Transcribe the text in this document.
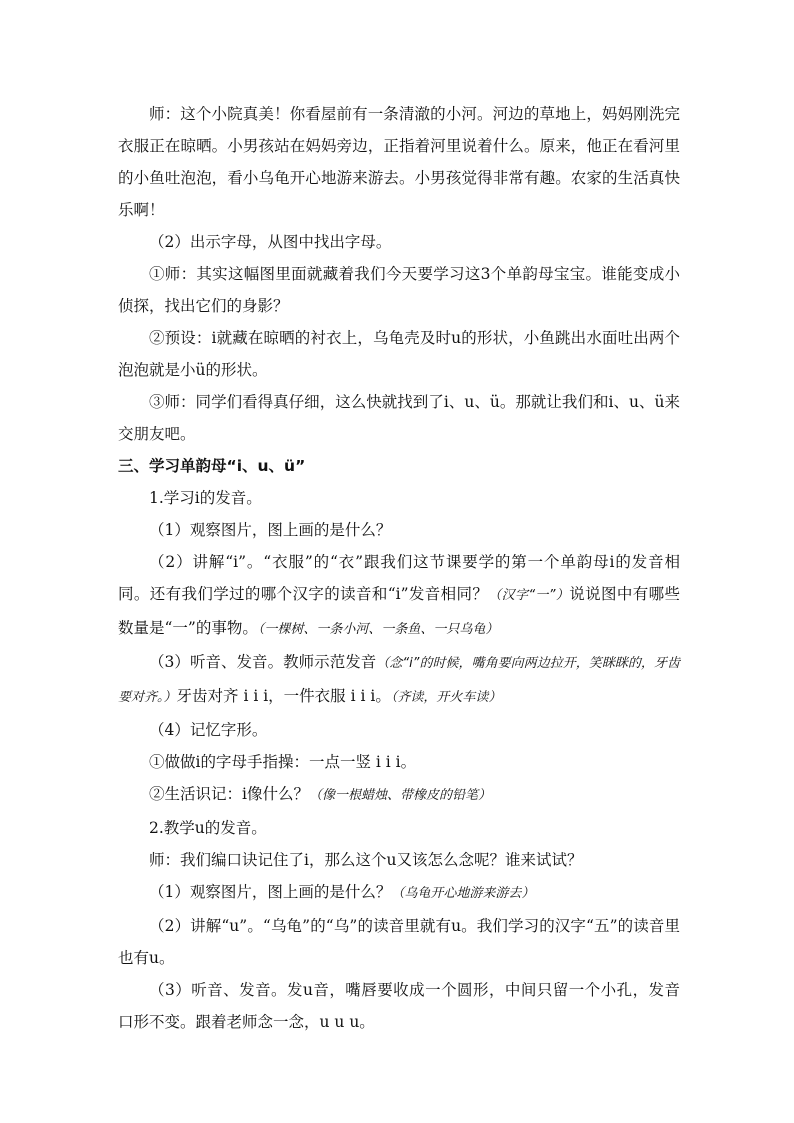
师：这个小院真美！你看屋前有一条清澈的小河。河边的草地上，妈妈刚洗完衣服正在晾晒。小男孩站在妈妈旁边，正指着河里说着什么。原来，他正在看河里的小鱼吐泡泡，看小乌龟开心地游来游去。小男孩觉得非常有趣。农家的生活真快乐啊！

（2）出示字母，从图中找出字母。

①师：其实这幅图里面就藏着我们今天要学习这3个单韵母宝宝。谁能变成小侦探，找出它们的身影？

②预设：i就藏在晾晒的衬衣上，乌龟壳及时u的形状，小鱼跳出水面吐出两个泡泡就是小ü的形状。

③师：同学们看得真仔细，这么快就找到了i、u、ü。那就让我们和i、u、ü来交朋友吧。

三、学习单韵母“i、u、ü”

1.学习i的发音。

（1）观察图片，图上画的是什么？

（2）讲解“i”。“衣服”的“衣”跟我们这节课要学的第一个单韵母i的发音相同。还有我们学过的哪个汉字的读音和“i”发音相同？（汉字“一”）说说图中有哪些数量是“一”的事物。（一棵树、一条小河、一条鱼、一只乌龟）

（3）听音、发音。教师示范发音（念“i”的时候，嘴角要向两边拉开，笑眯眯的，牙齿要对齐。）牙齿对齐 i i i，一件衣服 i i i。（齐读，开火车读）

（4）记忆字形。

①做做i的字母手指操：一点一竖 i i i。

②生活识记：i像什么？（像一根蜡烛、带橡皮的铅笔）

2.教学u的发音。

师：我们编口诀记住了i，那么这个u又该怎么念呢？谁来试试？

（1）观察图片，图上画的是什么？（乌龟开心地游来游去）

（2）讲解“u”。“乌龟”的“乌”的读音里就有u。我们学习的汉字“五”的读音里也有u。

（3）听音、发音。发u音，嘴唇要收成一个圆形，中间只留一个小孔，发音口形不变。跟着老师念一念，u u u。
